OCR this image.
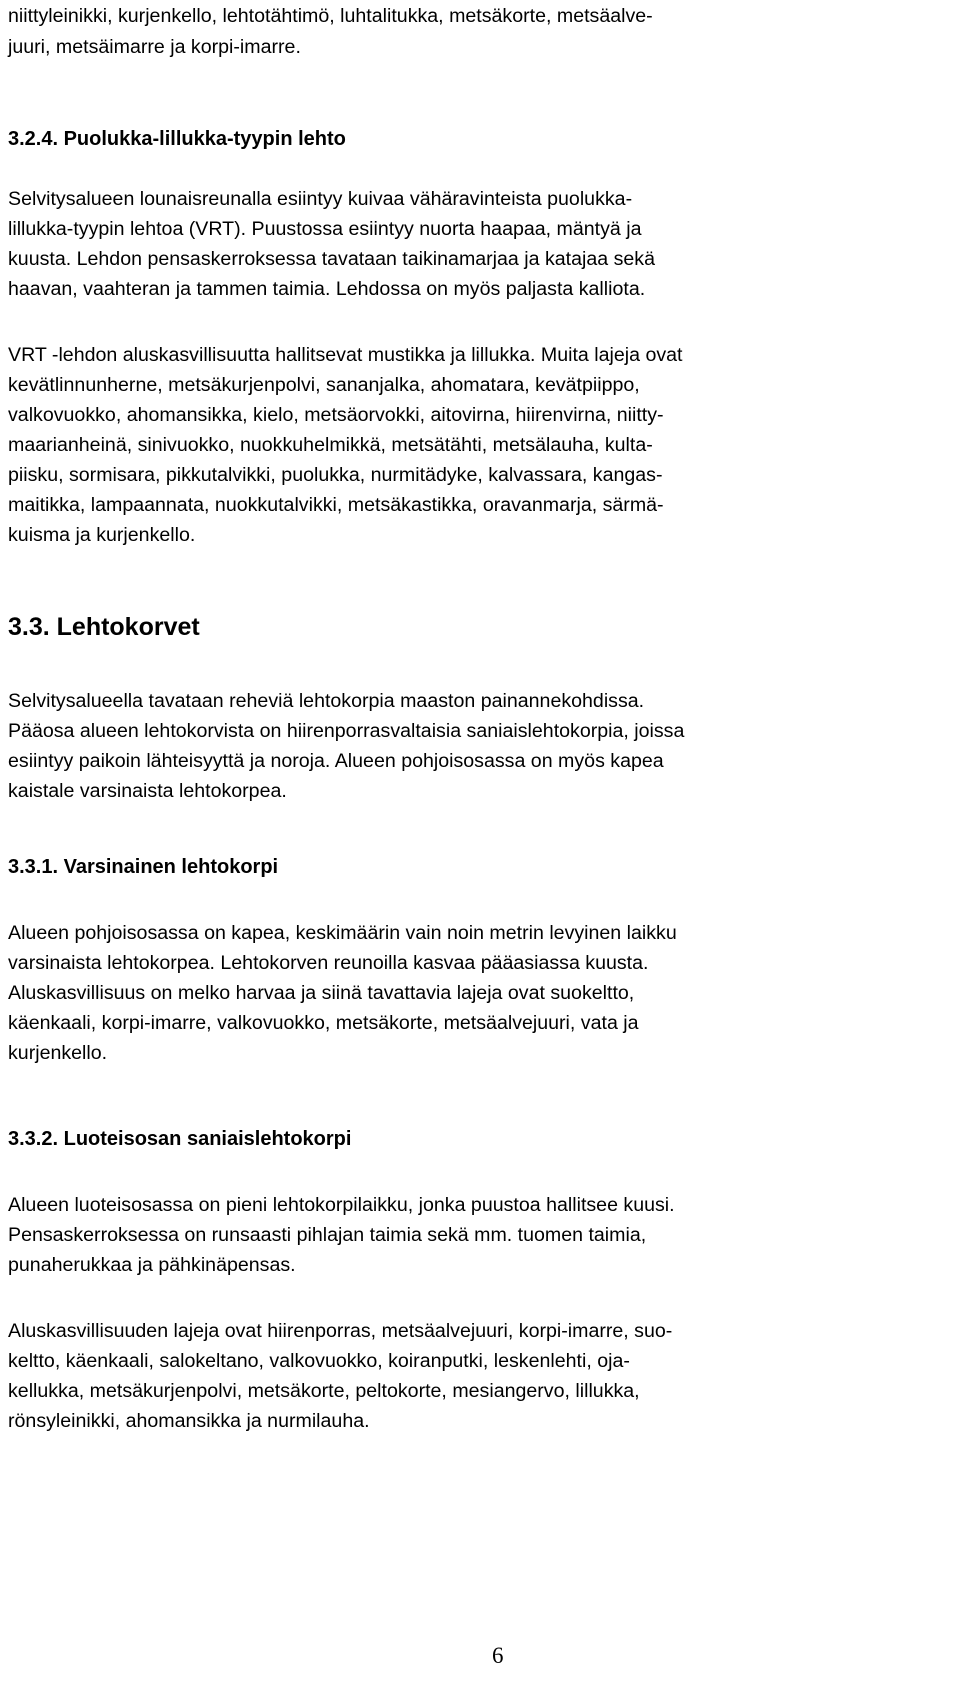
niittyleinikki, kurjenkello, lehtotähtimö, luhtalitukka, metsäkorte, metsäalve-

juuri, metsäimarre ja korpi-imarre.

3.2.4. Puolukka-lillukka-tyypin lehto

Selvitysalueen lounaisreunalla esiintyy kuivaa vähäravinteista puolukka-

lillukka-tyypin lehtoa (VRT). Puustossa esiintyy nuorta haapaa, mäntyä ja

kuusta. Lehdon pensaskerroksessa tavataan taikinamarjaa ja katajaa sekä

haavan, vaahteran ja tammen taimia. Lehdossa on myös paljasta kalliota.

VRT -lehdon aluskasvillisuutta hallitsevat mustikka ja lillukka. Muita lajeja ovat

kevätlinnunherne, metsäkurjenpolvi, sananjalka, ahomatara, kevätpiippo,

valkovuokko, ahomansikka, kielo, metsäorvokki, aitovirna, hiirenvirna, niitty-

maarianheinä, sinivuokko, nuokkuhelmikkä, metsätähti, metsälauha, kulta-

piisku, sormisara, pikkutalvikki, puolukka, nurmitädyke, kalvassara, kangas-

maitikka, lampaannata, nuokkutalvikki, metsäkastikka, oravanmarja, särmä-

kuisma ja kurjenkello.

3.3. Lehtokorvet

Selvitysalueella tavataan reheviä lehtokorpia maaston painannekohdissa.

Pääosa alueen lehtokorvista on hiirenporrasvaltaisia saniaislehtokorpia, joissa

esiintyy paikoin lähteisyyttä ja noroja. Alueen pohjoisosassa on myös kapea

kaistale varsinaista lehtokorpea.

3.3.1. Varsinainen lehtokorpi

Alueen pohjoisosassa on kapea, keskimäärin vain noin metrin levyinen laikku

varsinaista lehtokorpea. Lehtokorven reunoilla kasvaa pääasiassa kuusta.

Aluskasvillisuus on melko harvaa ja siinä tavattavia lajeja ovat suokeltto,

käenkaali, korpi-imarre, valkovuokko, metsäkorte, metsäalvejuuri, vata ja

kurjenkello.

3.3.2. Luoteisosan saniaislehtokorpi

Alueen luoteisosassa on pieni lehtokorpilaikku, jonka puustoa hallitsee kuusi.

Pensaskerroksessa on runsaasti pihlajan taimia sekä mm. tuomen taimia,

punaherukkaa ja pähkinäpensas.

Aluskasvillisuuden lajeja ovat hiirenporras, metsäalvejuuri, korpi-imarre, suo-

keltto, käenkaali, salokeltano, valkovuokko, koiranputki, leskenlehti, oja-

kellukka, metsäkurjenpolvi, metsäkorte, peltokorte, mesiangervo, lillukka,

rönsyleinikki, ahomansikka ja nurmilauha.

6
